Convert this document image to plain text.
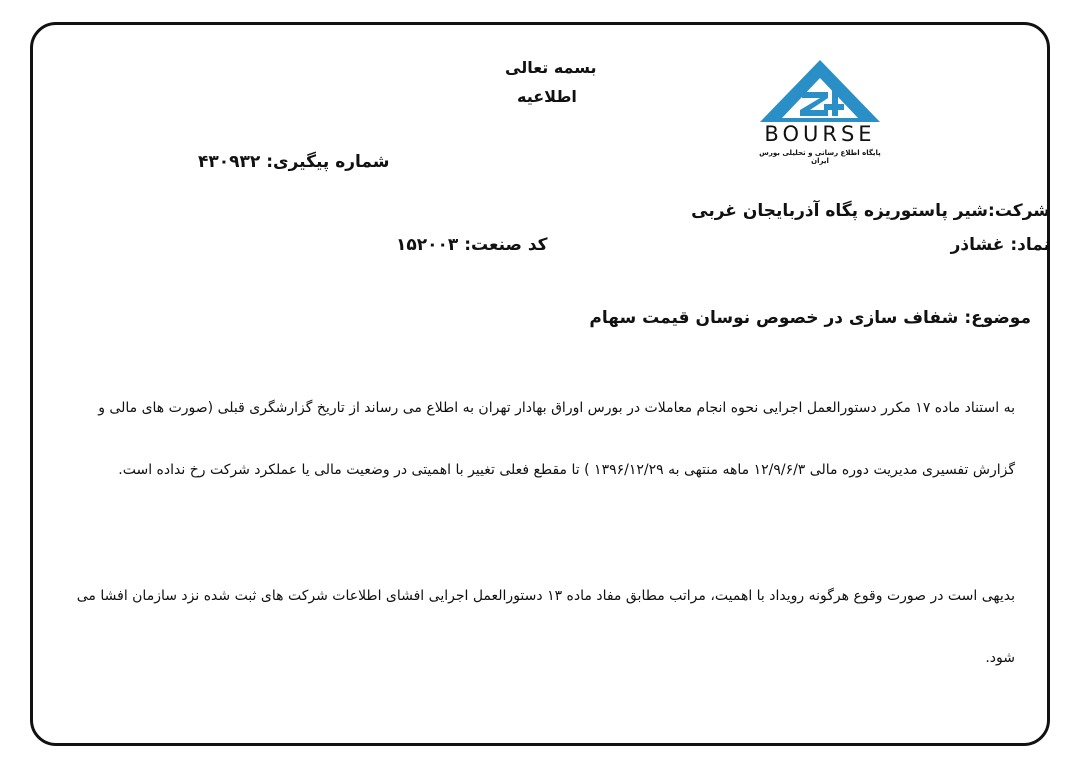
بسمه تعالی
اطلاعیه
BOURSE
پایگاه اطلاع رسانی و تحلیلی بورس ایران
شماره پیگیری: ۴۳۰۹۳۲
شرکت:شیر پاستوریزه پگاه آذربایجان غربی
نماد: غشاذر
کد صنعت: ۱۵۲۰۰۳
موضوع: شفاف سازی در خصوص نوسان قیمت سهام
به استناد ماده ۱۷ مکرر دستورالعمل اجرایی نحوه انجام معاملات در بورس اوراق بهادار تهران به اطلاع می رساند از تاریخ گزارشگری قبلی (صورت های مالی و
گزارش تفسیری مدیریت دوره مالی ۱۲/۹/۶/۳ ماهه منتهی به ۱۳۹۶/۱۲/۲۹ ) تا مقطع فعلی تغییر با اهمیتی در وضعیت مالی یا عملکرد شرکت رخ نداده است.
بدیهی است در صورت وقوع هرگونه رویداد با اهمیت، مراتب مطابق مفاد ماده ۱۳ دستورالعمل اجرایی افشای اطلاعات شرکت های ثبت شده نزد سازمان افشا می
شود.
